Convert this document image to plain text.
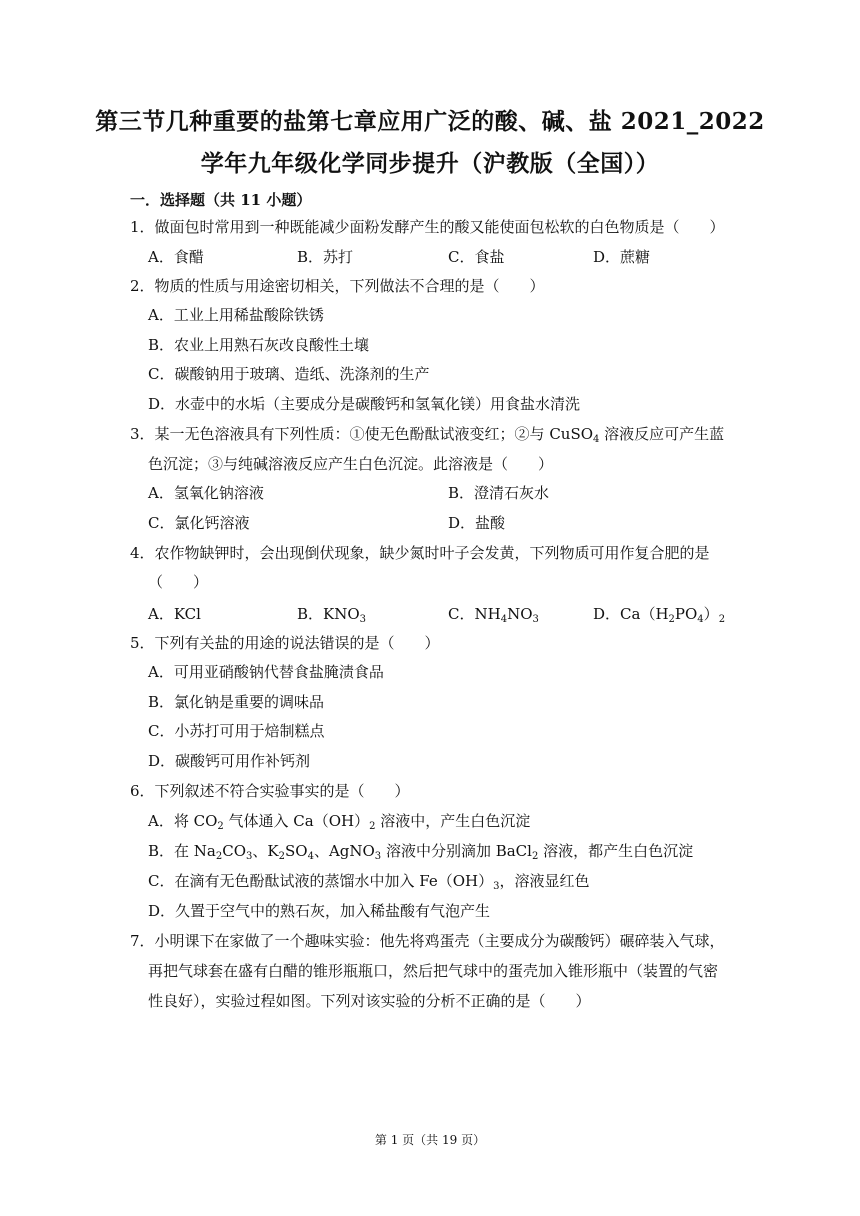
第三节几种重要的盐第七章应用广泛的酸、碱、盐 2021_2022
学年九年级化学同步提升（沪教版（全国））
一．选择题（共 11 小题）
1．做面包时常用到一种既能减少面粉发酵产生的酸又能使面包松软的白色物质是（　　）
A．食醋	B．苏打	C．食盐	D．蔗糖
2．物质的性质与用途密切相关，下列做法不合理的是（　　）
A．工业上用稀盐酸除铁锈
B．农业上用熟石灰改良酸性土壤
C．碳酸钠用于玻璃、造纸、洗涤剂的生产
D．水壶中的水垢（主要成分是碳酸钙和氢氧化镁）用食盐水清洗
3．某一无色溶液具有下列性质：①使无色酚酞试液变红；②与 CuSO$_4$ 溶液反应可产生蓝
色沉淀；③与纯碱溶液反应产生白色沉淀。此溶液是（　　）
A．氢氧化钠溶液	B．澄清石灰水
C．氯化钙溶液	D．盐酸
4．农作物缺钾时，会出现倒伏现象，缺少氮时叶子会发黄，下列物质可用作复合肥的是
（　　）
A．KCl	B．$KNO_3$	C．$NH_4NO_3$	D．$Ca(H_2PO_4)_2$
5．下列有关盐的用途的说法错误的是（　　）
A．可用亚硝酸钠代替食盐腌渍食品
B．氯化钠是重要的调味品
C．小苏打可用于焙制糕点
D．碳酸钙可用作补钙剂
6．下列叙述不符合实验事实的是（　　）
A．将 $CO_2$ 气体通入 $Ca(OH)_2$ 溶液中，产生白色沉淀
B．在 $Na_2CO_3$、$K_2SO_4$、AgNO$_3$ 溶液中分别滴加 BaCl$_2$ 溶液，都产生白色沉淀
C．在滴有无色酚酞试液的蒸馏水中加入 $Fe(OH)_3$，溶液显红色
D．久置于空气中的熟石灰，加入稀盐酸有气泡产生
7．小明课下在家做了一个趣味实验：他先将鸡蛋壳（主要成分为碳酸钙）碾碎装入气球，
再把气球套在盛有白醋的锥形瓶瓶口，然后把气球中的蛋壳加入锥形瓶中（装置的气密
性良好），实验过程如图。下列对该实验的分析不正确的是（　　）
第 1 页（共 19 页）
